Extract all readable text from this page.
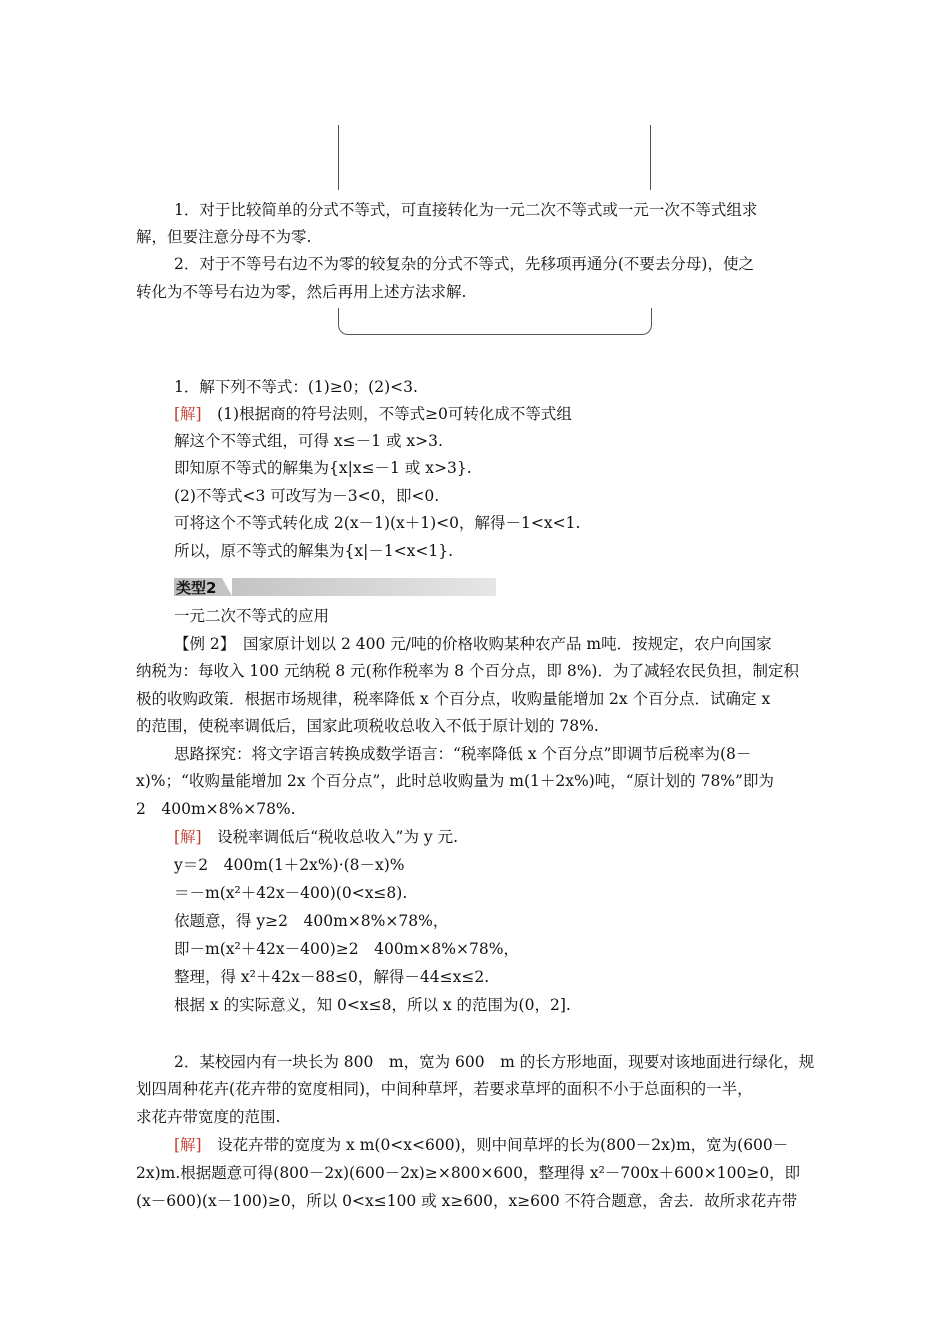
1．对于比较简单的分式不等式，可直接转化为一元二次不等式或一元一次不等式组求
解，但要注意分母不为零.
2．对于不等号右边不为零的较复杂的分式不等式，先移项再通分(不要去分母)，使之
转化为不等号右边为零，然后再用上述方法求解.
1．解下列不等式：(1)≥0；(2)<3.
[解]　(1)根据商的符号法则，不等式≥0可转化成不等式组
解这个不等式组，可得 x≤－1 或 x>3.
即知原不等式的解集为{x|x≤－1 或 x>3}.
(2)不等式<3 可改写为－3<0，即<0.
可将这个不等式转化成 2(x－1)(x＋1)<0，解得－1<x<1.
所以，原不等式的解集为{x|－1<x<1}.
类型2
一元二次不等式的应用
【例 2】　国家原计划以 2 400 元/吨的价格收购某种农产品 m吨．按规定，农户向国家
纳税为：每收入 100 元纳税 8 元(称作税率为 8 个百分点，即 8%)．为了减轻农民负担，制定积
极的收购政策．根据市场规律，税率降低 x 个百分点，收购量能增加 2x 个百分点．试确定 x
的范围，使税率调低后，国家此项税收总收入不低于原计划的 78%.
思路探究：将文字语言转换成数学语言：“税率降低 x 个百分点”即调节后税率为(8－
x)%；“收购量能增加 2x 个百分点”，此时总收购量为 m(1＋2x%)吨，“原计划的 78%”即为
2　400m×8%×78%.
[解]　设税率调低后“税收总收入”为 y 元.
y＝2　400m(1＋2x%)·(8－x)%
＝－m(x²＋42x－400)(0<x≤8).
依题意，得 y≥2　400m×8%×78%，
即－m(x²＋42x－400)≥2　400m×8%×78%，
整理，得 x²＋42x－88≤0，解得－44≤x≤2.
根据 x 的实际意义，知 0<x≤8，所以 x 的范围为(0，2].
2．某校园内有一块长为 800　m，宽为 600　m 的长方形地面，现要对该地面进行绿化，规
划四周种花卉(花卉带的宽度相同)，中间种草坪，若要求草坪的面积不小于总面积的一半，
求花卉带宽度的范围.
[解]　设花卉带的宽度为 x m(0<x<600)，则中间草坪的长为(800－2x)m，宽为(600－
2x)m.根据题意可得(800－2x)(600－2x)≥×800×600，整理得 x²－700x＋600×100≥0，即
(x－600)(x－100)≥0，所以 0<x≤100 或 x≥600，x≥600 不符合题意，舍去．故所求花卉带
